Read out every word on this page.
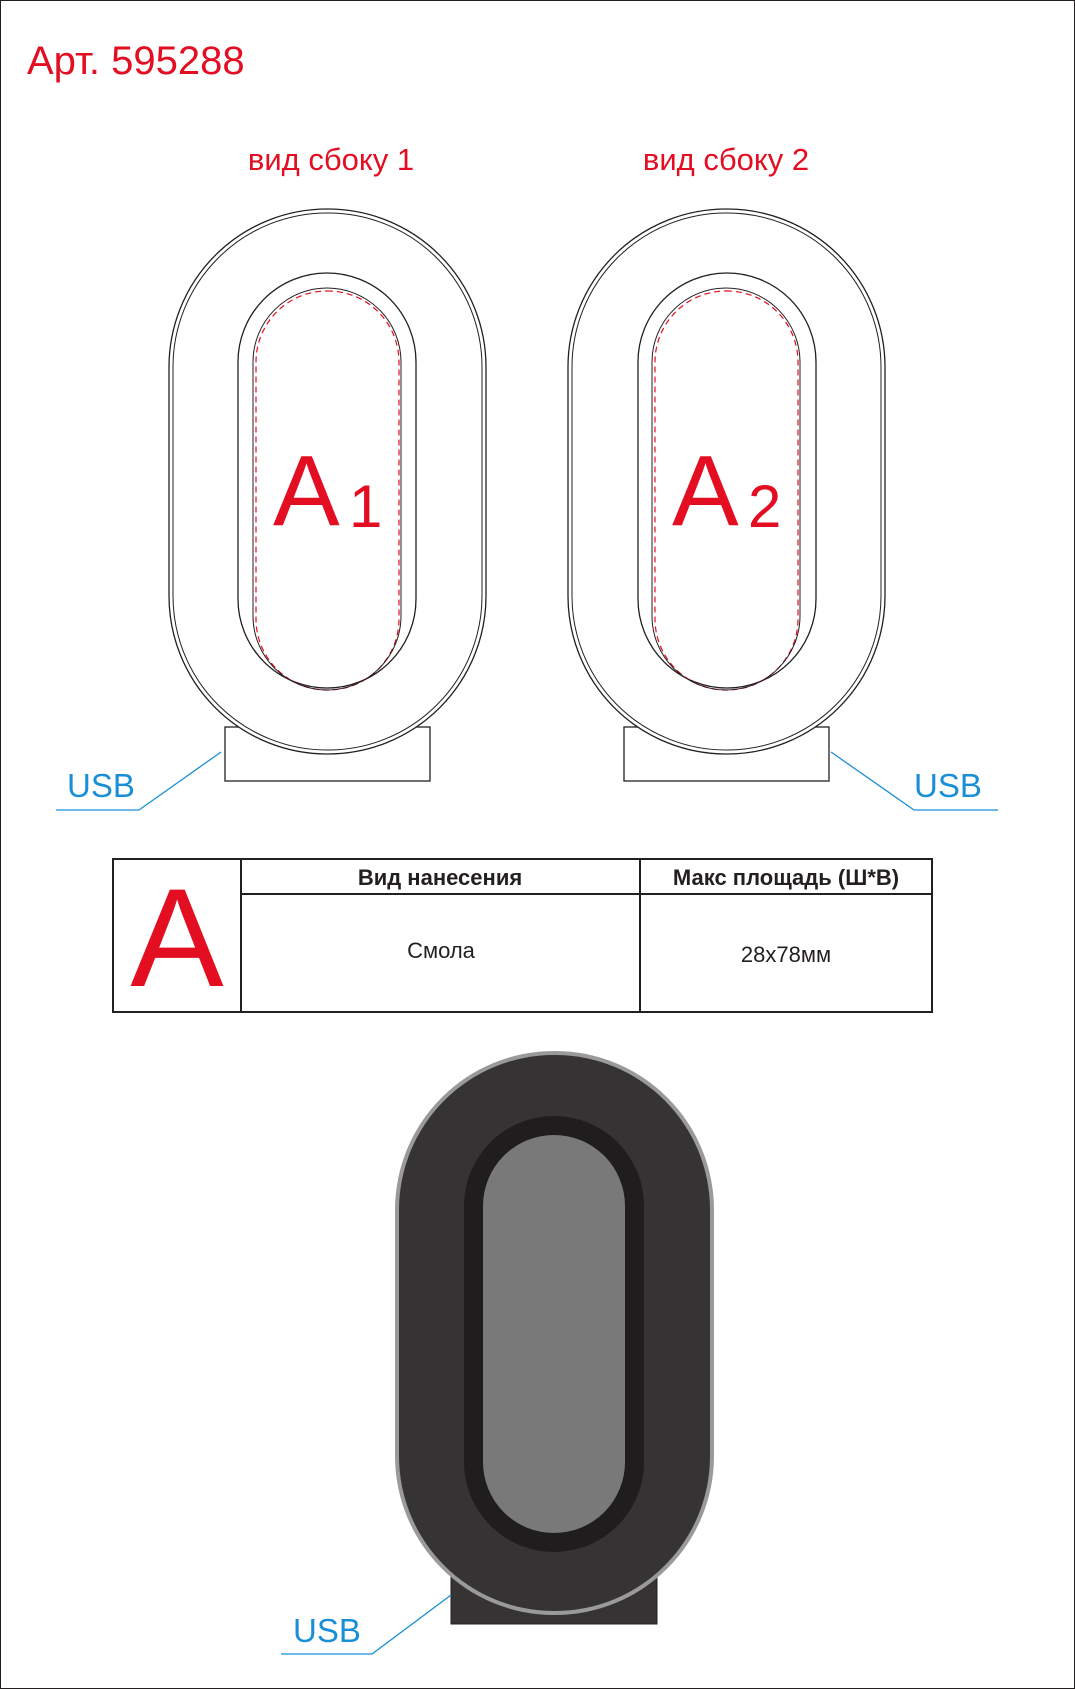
Арт. 595288
вид сбоку 1
A 1
USB
вид сбоку 2
A 2
USB
A	Вид нанесения	Макс площадь (Ш*В)
Смола	28x78мм
USB
